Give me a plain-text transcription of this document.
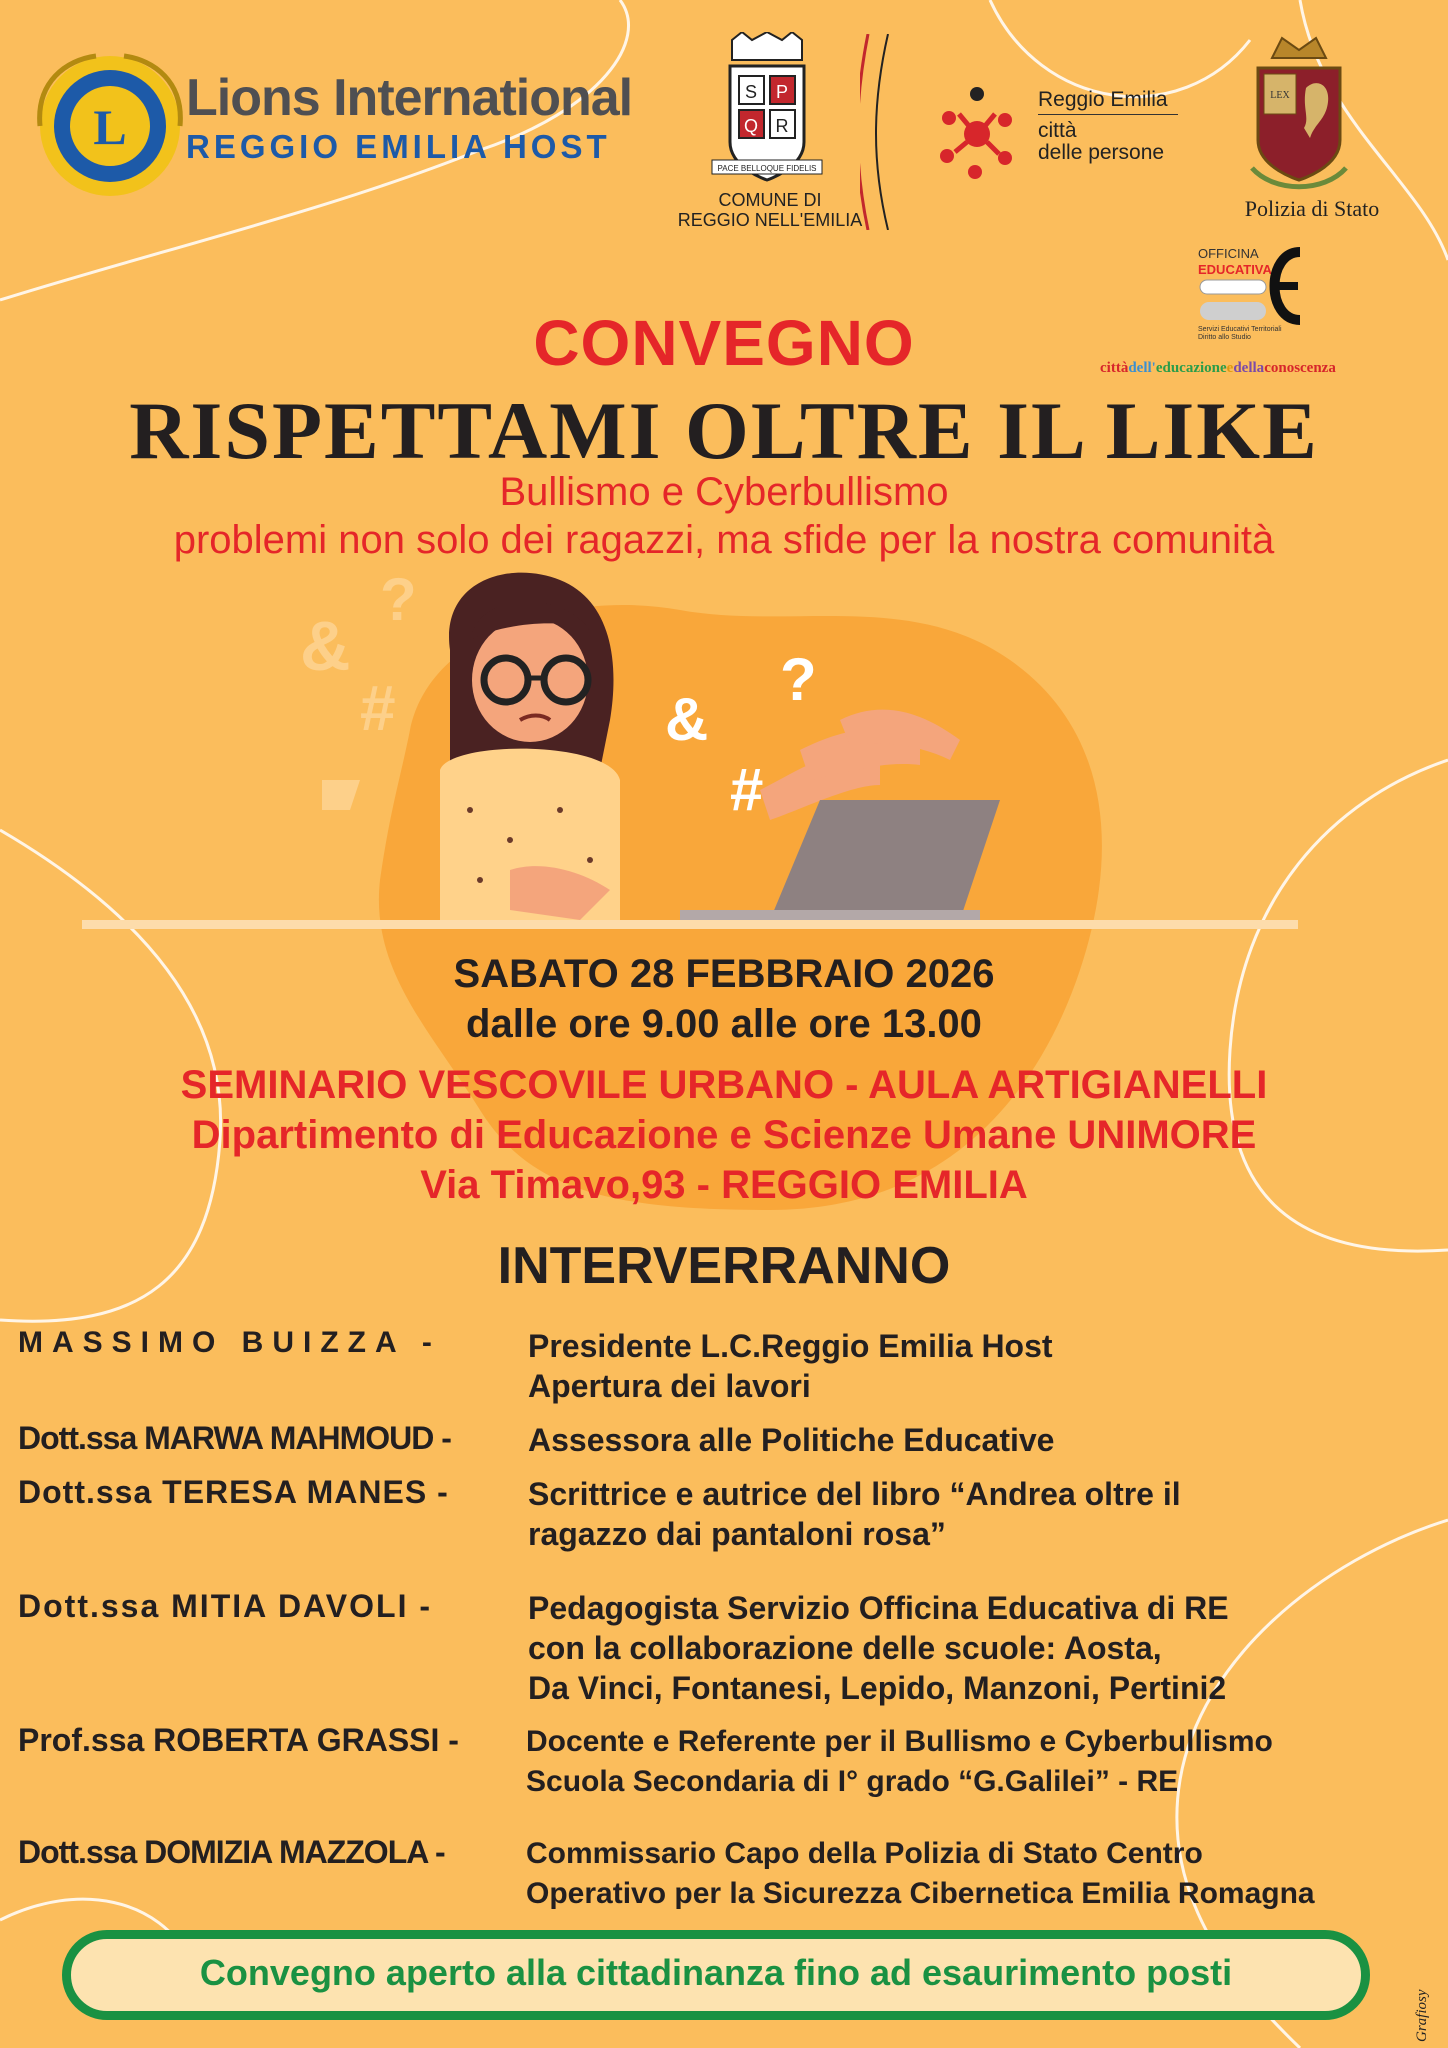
L Lions International
REGGIO EMILIA HOST
S P
Q R
PACE BELLOQUE FIDELIS
COMUNE DI
REGGIO NELL'EMILIA
Reggio Emilia
città
delle persone
LEX
Polizia di Stato
OFFICINA
EDUCATIVA
Servizi Educativi Territoriali
Diritto allo Studio
cittàdell'educazioneedellaconoscenza
CONVEGNO
RISPETTAMI OLTRE IL LIKE
Bullismo e Cyberbullismo
problemi non solo dei ragazzi, ma sfide per la nostra comunità
&
?
#	&
?
#
SABATO 28 FEBBRAIO 2026
dalle ore 9.00 alle ore 13.00
SEMINARIO VESCOVILE URBANO - AULA ARTIGIANELLI
Dipartimento di Educazione e Scienze Umane UNIMORE
Via Timavo,93 - REGGIO EMILIA
INTERVERRANNO
MASSIMO BUIZZA -	Presidente L.C.Reggio Emilia Host
Apertura dei lavori
Dott.ssa MARWA MAHMOUD - Assessora alle Politiche Educative
Dott.ssa TERESA MANES - Scrittrice e autrice del libro “Andrea oltre il
ragazzo dai pantaloni rosa”
Dott.ssa MITIA DAVOLI -	Pedagogista Servizio Officina Educativa di RE
con la collaborazione delle scuole: Aosta,
Da Vinci, Fontanesi, Lepido, Manzoni, Pertini2
Prof.ssa ROBERTA GRASSI - Docente e Referente per il Bullismo e Cyberbullismo
Scuola Secondaria di I° grado “G.Galilei” - RE
Dott.ssa DOMIZIA MAZZOLA -	Commissario Capo della Polizia di Stato Centro
Operativo per la Sicurezza Cibernetica Emilia Romagna
Convegno aperto alla cittadinanza fino ad esaurimento posti
Grafiosy
